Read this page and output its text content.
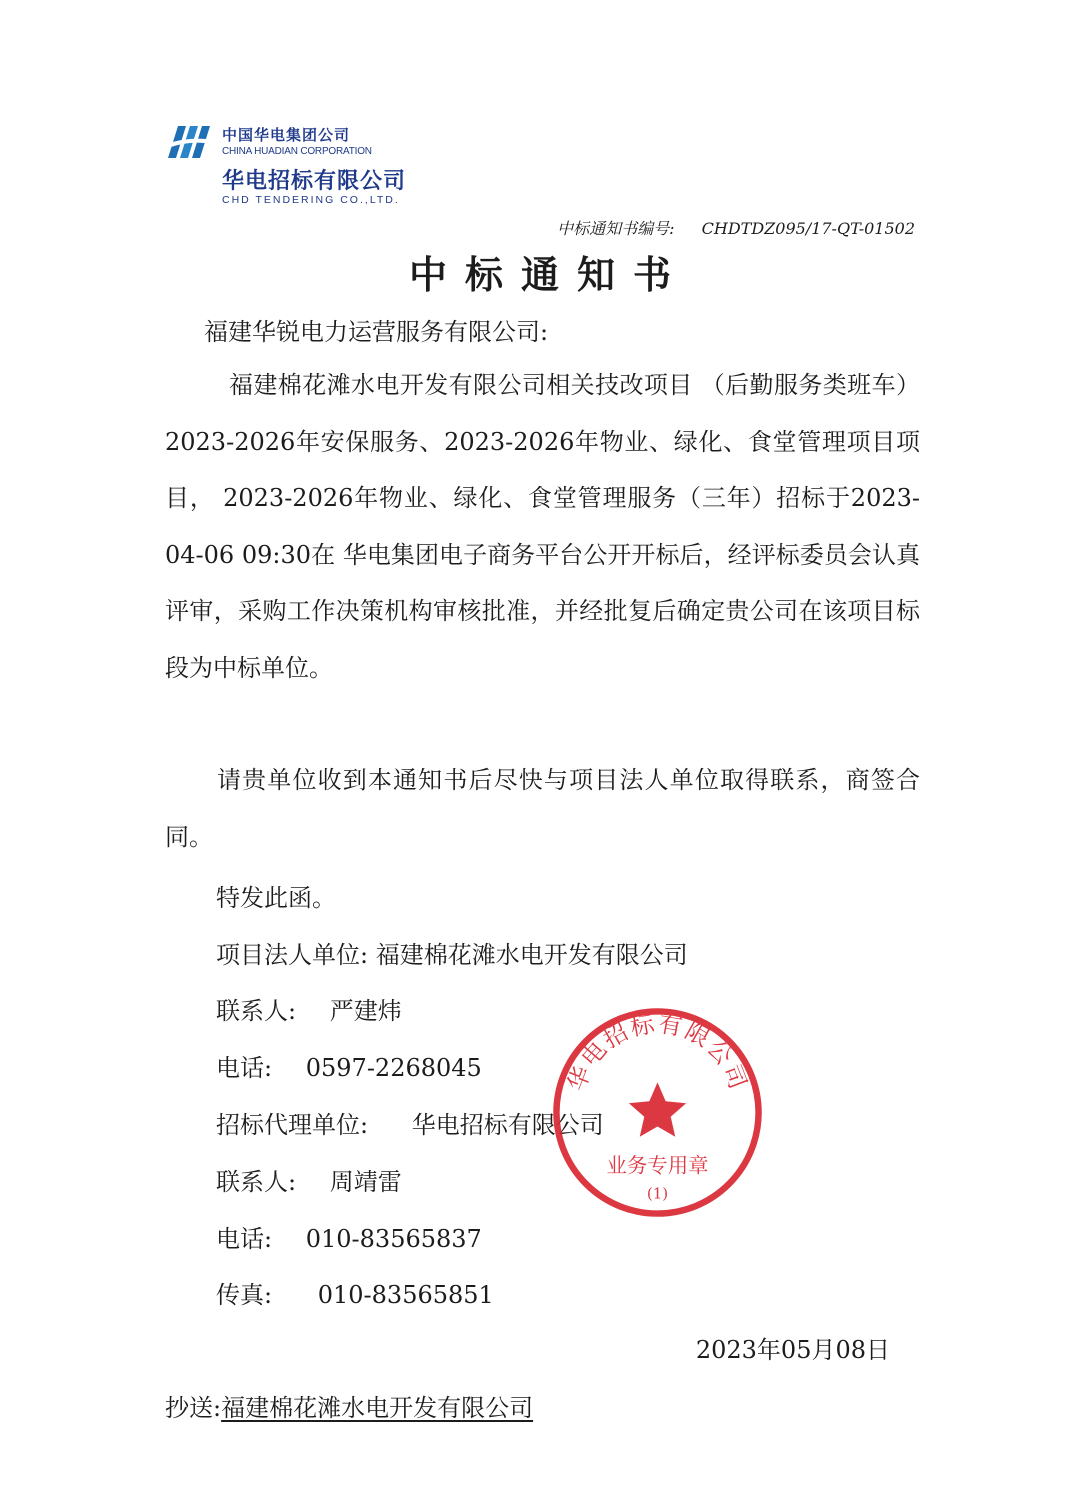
中国华电集团公司
CHINA HUADIAN CORPORATION
华电招标有限公司
CHD TENDERING CO.,LTD.
中标通知书编号: CHDTDZ095/17-QT-01502
中标通知书
福建华锐电力运营服务有限公司:
福建棉花滩水电开发有限公司相关技改项目 （后勤服务类班车）2023-2026年安保服务、2023-2026年物业、绿化、食堂管理项目项目， 2023-2026年物业、绿化、食堂管理服务（三年）招标于2023-04-06 09:30在 华电集团电子商务平台公开开标后，经评标委员会认真评审，采购工作决策机构审核批准，并经批复后确定贵公司在该项目标段为中标单位。
请贵单位收到本通知书后尽快与项目法人单位取得联系，商签合同。
特发此函。
项目法人单位: 福建棉花滩水电开发有限公司
联系人: 严建炜
电话: 0597-2268045
招标代理单位: 华电招标有限公司
联系人: 周靖雷
电话: 010-83565837
传真: 010-83565851
华电招标有限公司
业务专用章
(1)
2023年05月08日
抄送:福建棉花滩水电开发有限公司
